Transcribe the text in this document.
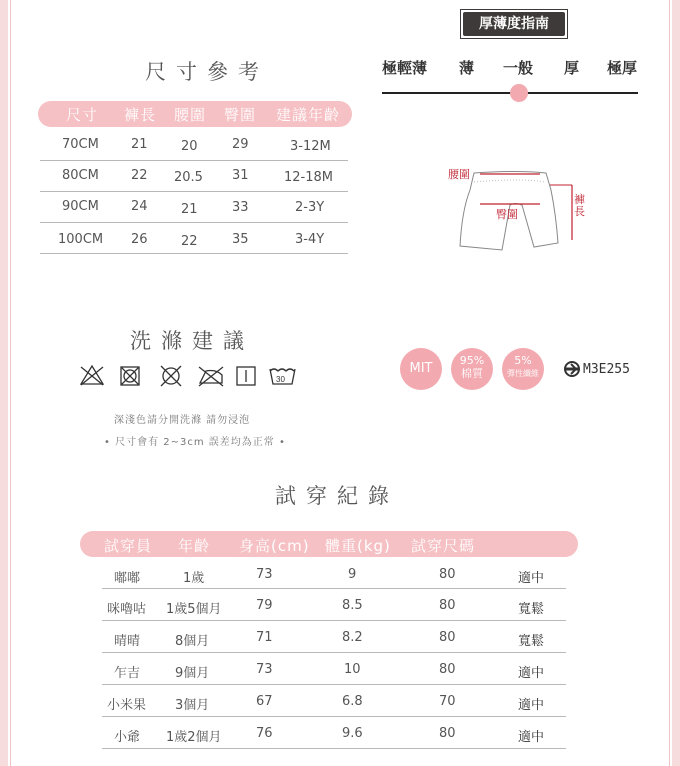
尺寸參考
厚薄度指南
極輕薄 薄 一般 厚 極厚
尺寸 褲長 腰圍 臀圍 建議年齡
70CM 21	20	29	3-12M
80CM 22 20.5 31	12-18M
90CM 24	21	33	2-3Y
100CM 26	22	35	3-4Y
腰圍
臀圍
褲長
洗滌建議
30
深淺色請分開洗滌 請勿浸泡
• 尺寸會有 2~3cm 誤差均為正常 •
MIT
95%
棉質
5%
彈性纖維	M3E255
試穿紀錄
試穿員 年齡 身高(cm) 體重(kg) 試穿尺碼
嘟嘟	1歲	73	9	80	適中
咪嚕咕 1歲5個月	79	8.5	80	寬鬆
晴晴	8個月	71	8.2	80	寬鬆
乍吉	9個月	73	10	80	適中
小米果 3個月	67	6.8	70	適中
小爺 1歲2個月	76	9.6	80	適中
